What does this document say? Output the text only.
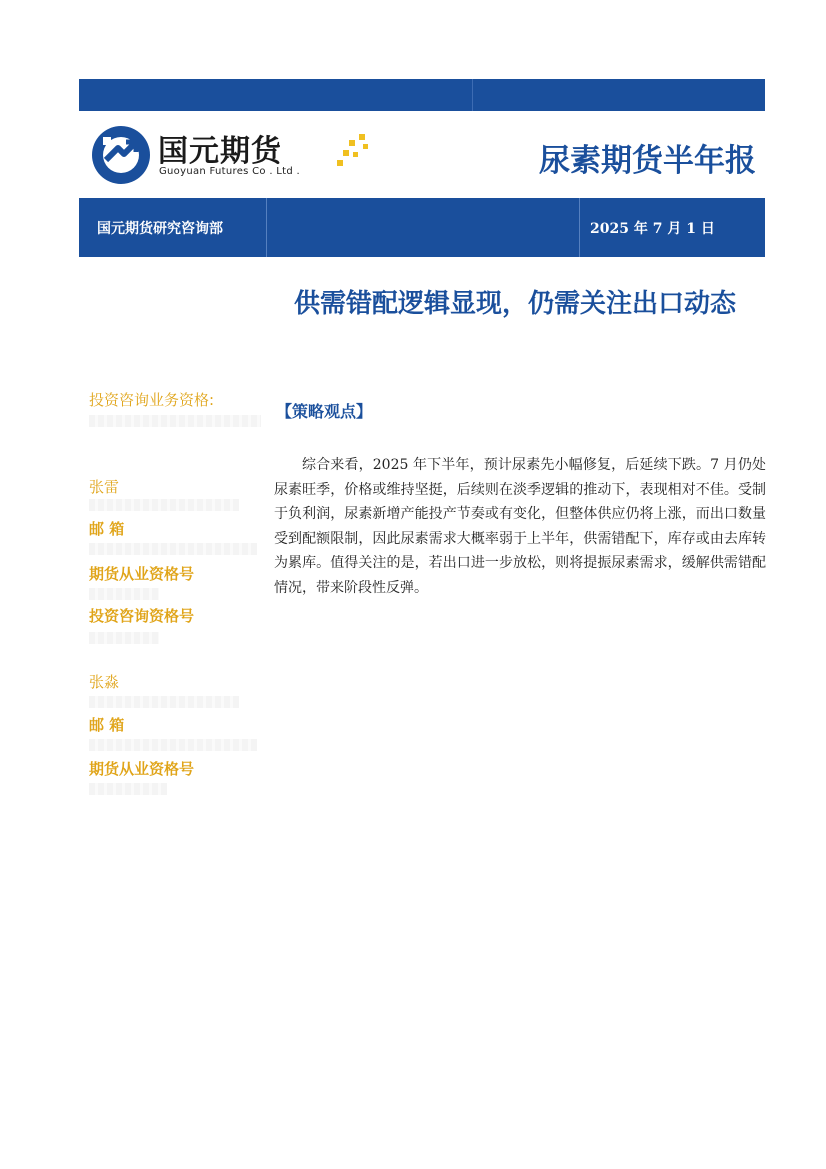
国元期货
Guoyuan Futures Co . Ltd .	尿素期货半年报
国元期货研究咨询部	2025 年 7 月 1 日
供需错配逻辑显现，仍需关注出口动态
投资咨询业务资格:
张雷
邮 箱
期货从业资格号
投资咨询资格号
张淼
邮 箱
期货从业资格号
【策略观点】
综合来看，2025 年下半年，预计尿素先小幅修复，后延续下跌。7 月仍处尿素旺季，价格或维持坚挺，后续则在淡季逻辑的推动下，表现相对不佳。受制于负利润，尿素新增产能投产节奏或有变化，但整体供应仍将上涨，而出口数量受到配额限制，因此尿素需求大概率弱于上半年，供需错配下，库存或由去库转为累库。值得关注的是，若出口进一步放松，则将提振尿素需求，缓解供需错配情况，带来阶段性反弹。
